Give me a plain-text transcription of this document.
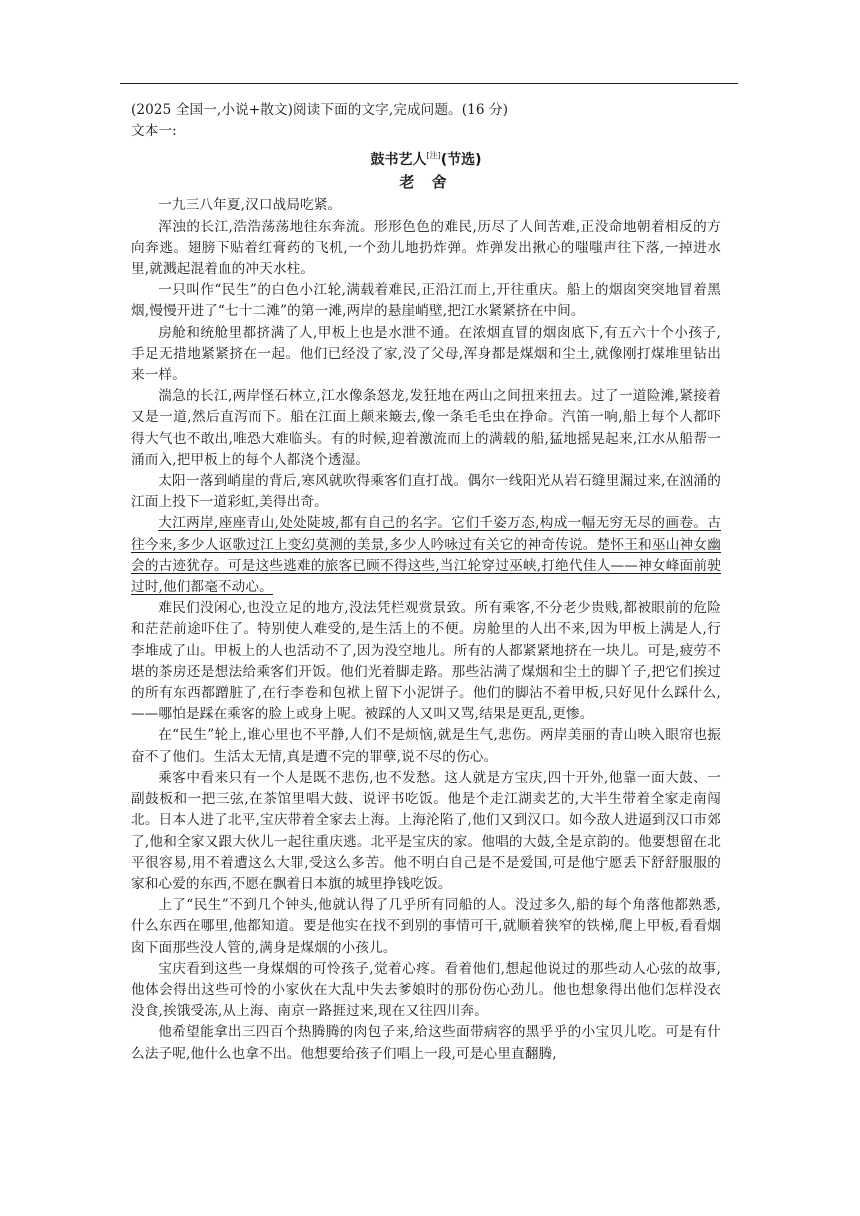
(2025 全国一,小说+散文)阅读下面的文字,完成问题。(16 分)

文本一:

鼓书艺人[注](节选)
老 舍

一九三八年夏,汉口战局吃紧。

浑浊的长江,浩浩荡荡地往东奔流。形形色色的难民,历尽了人间苦难,正没命地朝着相反的方向奔逃。翅膀下贴着红膏药的飞机,一个劲儿地扔炸弹。炸弹发出揪心的嗤嗤声往下落,一掉进水里,就溅起混着血的冲天水柱。

一只叫作“民生”的白色小江轮,满载着难民,正沿江而上,开往重庆。船上的烟囱突突地冒着黑烟,慢慢开进了“七十二滩”的第一滩,两岸的悬崖峭壁,把江水紧紧挤在中间。

房舱和统舱里都挤满了人,甲板上也是水泄不通。在浓烟直冒的烟囱底下,有五六十个小孩子,手足无措地紧紧挤在一起。他们已经没了家,没了父母,浑身都是煤烟和尘土,就像刚打煤堆里钻出来一样。

湍急的长江,两岸怪石林立,江水像条怒龙,发狂地在两山之间扭来扭去。过了一道险滩,紧接着又是一道,然后直泻而下。船在江面上颠来簸去,像一条毛毛虫在挣命。汽笛一响,船上每个人都吓得大气也不敢出,唯恐大难临头。有的时候,迎着激流而上的满载的船,猛地摇晃起来,江水从船帮一涌而入,把甲板上的每个人都浇个透湿。

太阳一落到峭崖的背后,寒风就吹得乘客们直打战。偶尔一线阳光从岩石缝里漏过来,在汹涌的江面上投下一道彩虹,美得出奇。

大江两岸,座座青山,处处陡坡,都有自己的名字。它们千姿万态,构成一幅无穷无尽的画卷。古往今来,多少人讴歌过江上变幻莫测的美景,多少人吟咏过有关它的神奇传说。楚怀王和巫山神女幽会的古迹犹存。可是这些逃难的旅客已顾不得这些,当江轮穿过巫峡,打绝代佳人——神女峰面前驶过时,他们都毫不动心。

难民们没闲心,也没立足的地方,没法凭栏观赏景致。所有乘客,不分老少贵贱,都被眼前的危险和茫茫前途吓住了。特别使人难受的,是生活上的不便。房舱里的人出不来,因为甲板上满是人,行李堆成了山。甲板上的人也活动不了,因为没空地儿。所有的人都紧紧地挤在一块儿。可是,疲劳不堪的茶房还是想法给乘客们开饭。他们光着脚走路。那些沾满了煤烟和尘土的脚丫子,把它们挨过的所有东西都蹭脏了,在行李卷和包袱上留下小泥饼子。他们的脚沾不着甲板,只好见什么踩什么,——哪怕是踩在乘客的脸上或身上呢。被踩的人又叫又骂,结果是更乱,更惨。

在“民生”轮上,谁心里也不平静,人们不是烦恼,就是生气,悲伤。两岸美丽的青山映入眼帘也振奋不了他们。生活太无情,真是遭不完的罪孽,说不尽的伤心。

乘客中看来只有一个人是既不悲伤,也不发愁。这人就是方宝庆,四十开外,他靠一面大鼓、一副鼓板和一把三弦,在茶馆里唱大鼓、说评书吃饭。他是个走江湖卖艺的,大半生带着全家走南闯北。日本人进了北平,宝庆带着全家去上海。上海沦陷了,他们又到汉口。如今敌人进逼到汉口市郊了,他和全家又跟大伙儿一起往重庆逃。北平是宝庆的家。他唱的大鼓,全是京韵的。他要想留在北平很容易,用不着遭这么大罪,受这么多苦。他不明白自己是不是爱国,可是他宁愿丢下舒舒服服的家和心爱的东西,不愿在飘着日本旗的城里挣钱吃饭。

上了“民生”不到几个钟头,他就认得了几乎所有同船的人。没过多久,船的每个角落他都熟悉,什么东西在哪里,他都知道。要是他实在找不到别的事情可干,就顺着狭窄的铁梯,爬上甲板,看看烟囱下面那些没人管的,满身是煤烟的小孩儿。

宝庆看到这些一身煤烟的可怜孩子,觉着心疼。看着他们,想起他说过的那些动人心弦的故事,他体会得出这些可怜的小家伙在大乱中失去爹娘时的那份伤心劲儿。他也想象得出他们怎样没衣没食,挨饿受冻,从上海、南京一路捱过来,现在又往四川奔。

他希望能拿出三四百个热腾腾的肉包子来,给这些面带病容的黑乎乎的小宝贝儿吃。可是有什么法子呢,他什么也拿不出。他想要给孩子们唱上一段,可是心里直翻腾,
